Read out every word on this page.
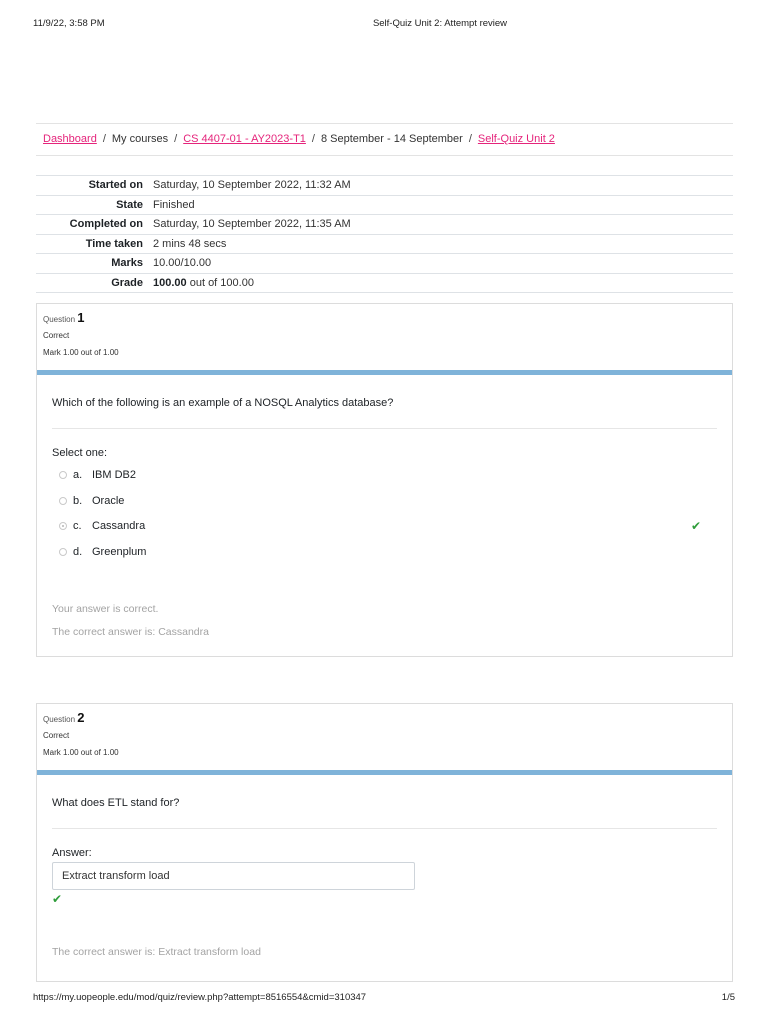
11/9/22, 3:58 PM	Self-Quiz Unit 2: Attempt review
Dashboard / My courses / CS 4407-01 - AY2023-T1 / 8 September - 14 September / Self-Quiz Unit 2
Started on	Saturday, 10 September 2022, 11:32 AM
State	Finished
Completed on	Saturday, 10 September 2022, 11:35 AM
Time taken	2 mins 48 secs
Marks	10.00/10.00
Grade	100.00 out of 100.00
Question 1
Correct
Mark 1.00 out of 1.00
Which of the following is an example of a NOSQL Analytics database?
Select one:
a. IBM DB2
b. Oracle
c. Cassandra	✔
d. Greenplum
Your answer is correct.
The correct answer is: Cassandra
Question 2
Correct
Mark 1.00 out of 1.00
What does ETL stand for?
Answer:
Extract transform load
✔
The correct answer is: Extract transform load
https://my.uopeople.edu/mod/quiz/review.php?attempt=8516554&cmid=310347	1/5
